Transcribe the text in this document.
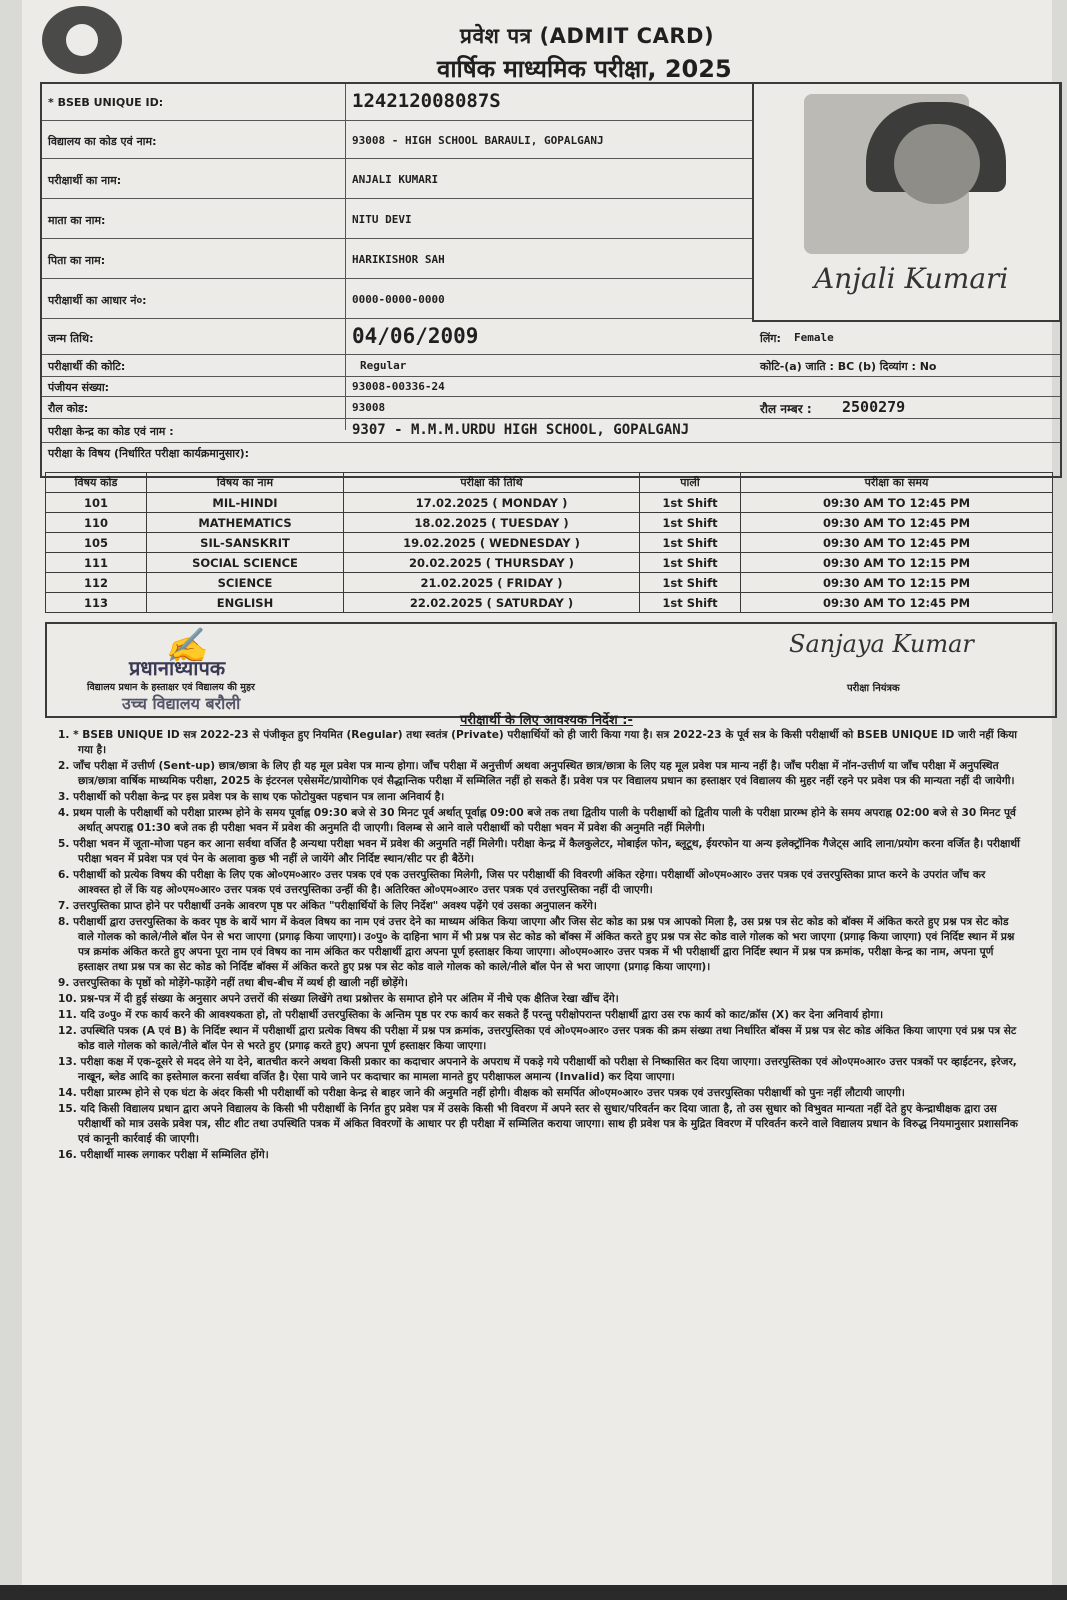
प्रवेश पत्र (ADMIT CARD)
वार्षिक माध्यमिक परीक्षा, 2025
* BSEB UNIQUE ID:	124212008087S
विद्यालय का कोड एवं नाम:	93008 - HIGH SCHOOL BARAULI, GOPALGANJ
परीक्षार्थी का नाम:	ANJALI KUMARI
माता का नाम:	NITU DEVI
पिता का नाम:	HARIKISHOR SAH
परीक्षार्थी का आधार नं०:	0000-0000-0000
जन्म तिथि:	04/06/2009	लिंग: Female
परीक्षार्थी की कोटि:	Regular	कोटि-(a) जाति : BC (b) दिव्यांग : No
पंजीयन संख्या:	93008-00336-24
रौल कोड:	93008	रौल नम्बर : 2500279
परीक्षा केन्द्र का कोड एवं नाम :	9307 - M.M.M.URDU HIGH SCHOOL, GOPALGANJ
परीक्षा के विषय (निर्धारित परीक्षा कार्यक्रमानुसार):
Anjali Kumari
विषय कोड	विषय का नाम	परीक्षा की तिथि	पाली	परीक्षा का समय
101	MIL-HINDI	17.02.2025 ( MONDAY )	1st Shift	09:30 AM TO 12:45 PM
110	MATHEMATICS	18.02.2025 ( TUESDAY )	1st Shift	09:30 AM TO 12:45 PM
105	SIL-SANSKRIT	19.02.2025 ( WEDNESDAY )	1st Shift	09:30 AM TO 12:45 PM
111	SOCIAL SCIENCE	20.02.2025 ( THURSDAY )	1st Shift	09:30 AM TO 12:15 PM
112	SCIENCE	21.02.2025 ( FRIDAY )	1st Shift	09:30 AM TO 12:15 PM
113	ENGLISH	22.02.2025 ( SATURDAY )	1st Shift	09:30 AM TO 12:45 PM
✍
प्रधानाध्यापक
विद्यालय प्रधान के हस्ताक्षर एवं विद्यालय की मुहर
उच्च विद्यालय बरौली
Sanjaya Kumar
परीक्षा नियंत्रक
परीक्षार्थी के लिए आवश्यक निर्देश :-
1. * BSEB UNIQUE ID सत्र 2022-23 से पंजीकृत हुए नियमित (Regular) तथा स्वतंत्र (Private) परीक्षार्थियों को ही जारी किया गया है। सत्र 2022-23 के पूर्व सत्र के किसी परीक्षार्थी को BSEB UNIQUE ID जारी नहीं किया गया है।
2. जाँच परीक्षा में उत्तीर्ण (Sent-up) छात्र/छात्रा के लिए ही यह मूल प्रवेश पत्र मान्य होगा। जाँच परीक्षा में अनुत्तीर्ण अथवा अनुपस्थित छात्र/छात्रा के लिए यह मूल प्रवेश पत्र मान्य नहीं है। जाँच परीक्षा में नॉन-उत्तीर्ण या जाँच परीक्षा में अनुपस्थित छात्र/छात्रा वार्षिक माध्यमिक परीक्षा, 2025 के इंटरनल एसेसमेंट/प्रायोगिक एवं सैद्धान्तिक परीक्षा में सम्मिलित नहीं हो सकते हैं। प्रवेश पत्र पर विद्यालय प्रधान का हस्ताक्षर एवं विद्यालय की मुहर नहीं रहने पर प्रवेश पत्र की मान्यता नहीं दी जायेगी।
3. परीक्षार्थी को परीक्षा केन्द्र पर इस प्रवेश पत्र के साथ एक फोटोयुक्त पहचान पत्र लाना अनिवार्य है।
4. प्रथम पाली के परीक्षार्थी को परीक्षा प्रारम्भ होने के समय पूर्वाह्न 09:30 बजे से 30 मिनट पूर्व अर्थात् पूर्वाह्न 09:00 बजे तक तथा द्वितीय पाली के परीक्षार्थी को द्वितीय पाली के परीक्षा प्रारम्भ होने के समय अपराह्न 02:00 बजे से 30 मिनट पूर्व अर्थात् अपराह्न 01:30 बजे तक ही परीक्षा भवन में प्रवेश की अनुमति दी जाएगी। विलम्ब से आने वाले परीक्षार्थी को परीक्षा भवन में प्रवेश की अनुमति नहीं मिलेगी।
5. परीक्षा भवन में जूता-मोजा पहन कर आना सर्वथा वर्जित है अन्यथा परीक्षा भवन में प्रवेश की अनुमति नहीं मिलेगी। परीक्षा केन्द्र में कैलकुलेटर, मोबाईल फोन, ब्लूटूथ, ईयरफोन या अन्य इलेक्ट्रॉनिक गैजेट्स आदि लाना/प्रयोग करना वर्जित है। परीक्षार्थी परीक्षा भवन में प्रवेश पत्र एवं पेन के अलावा कुछ भी नहीं ले जायेंगे और निर्दिष्ट स्थान/सीट पर ही बैठेंगे।
6. परीक्षार्थी को प्रत्येक विषय की परीक्षा के लिए एक ओ०एम०आर० उत्तर पत्रक एवं एक उत्तरपुस्तिका मिलेगी, जिस पर परीक्षार्थी की विवरणी अंकित रहेगा। परीक्षार्थी ओ०एम०आर० उत्तर पत्रक एवं उत्तरपुस्तिका प्राप्त करने के उपरांत जाँच कर आश्वस्त हो लें कि यह ओ०एम०आर० उत्तर पत्रक एवं उत्तरपुस्तिका उन्हीं की है। अतिरिक्त ओ०एम०आर० उत्तर पत्रक एवं उत्तरपुस्तिका नहीं दी जाएगी।
7. उत्तरपुस्तिका प्राप्त होने पर परीक्षार्थी उनके आवरण पृष्ठ पर अंकित "परीक्षार्थियों के लिए निर्देश" अवश्य पढ़ेंगे एवं उसका अनुपालन करेंगे।
8. परीक्षार्थी द्वारा उत्तरपुस्तिका के कवर पृष्ठ के बायें भाग में केवल विषय का नाम एवं उत्तर देने का माध्यम अंकित किया जाएगा और जिस सेट कोड का प्रश्न पत्र आपको मिला है, उस प्रश्न पत्र सेट कोड को बॉक्स में अंकित करते हुए प्रश्न पत्र सेट कोड वाले गोलक को काले/नीले बॉल पेन से भरा जाएगा (प्रगाढ़ किया जाएगा)। उ०पु० के दाहिना भाग में भी प्रश्न पत्र सेट कोड को बॉक्स में अंकित करते हुए प्रश्न पत्र सेट कोड वाले गोलक को भरा जाएगा (प्रगाढ़ किया जाएगा) एवं निर्दिष्ट स्थान में प्रश्न पत्र क्रमांक अंकित करते हुए अपना पूरा नाम एवं विषय का नाम अंकित कर परीक्षार्थी द्वारा अपना पूर्ण हस्ताक्षर किया जाएगा। ओ०एम०आर० उत्तर पत्रक में भी परीक्षार्थी द्वारा निर्दिष्ट स्थान में प्रश्न पत्र क्रमांक, परीक्षा केन्द्र का नाम, अपना पूर्ण हस्ताक्षर तथा प्रश्न पत्र का सेट कोड को निर्दिष्ट बॉक्स में अंकित करते हुए प्रश्न पत्र सेट कोड वाले गोलक को काले/नीले बॉल पेन से भरा जाएगा (प्रगाढ़ किया जाएगा)।
9. उत्तरपुस्तिका के पृष्ठों को मोड़ेंगे-फाड़ेंगे नहीं तथा बीच-बीच में व्यर्थ ही खाली नहीं छोड़ेंगे।
10. प्रश्न-पत्र में दी हुई संख्या के अनुसार अपने उत्तरों की संख्या लिखेंगे तथा प्रश्नोत्तर के समाप्त होने पर अंतिम में नीचे एक क्षैतिज रेखा खींच देंगे।
11. यदि उ०पु० में रफ कार्य करने की आवश्यकता हो, तो परीक्षार्थी उत्तरपुस्तिका के अन्तिम पृष्ठ पर रफ कार्य कर सकते हैं परन्तु परीक्षोपरान्त परीक्षार्थी द्वारा उस रफ कार्य को काट/क्रॉस (X) कर देना अनिवार्य होगा।
12. उपस्थिति पत्रक (A एवं B) के निर्दिष्ट स्थान में परीक्षार्थी द्वारा प्रत्येक विषय की परीक्षा में प्रश्न पत्र क्रमांक, उत्तरपुस्तिका एवं ओ०एम०आर० उत्तर पत्रक की क्रम संख्या तथा निर्धारित बॉक्स में प्रश्न पत्र सेट कोड अंकित किया जाएगा एवं प्रश्न पत्र सेट कोड वाले गोलक को काले/नीले बॉल पेन से भरते हुए (प्रगाढ़ करते हुए) अपना पूर्ण हस्ताक्षर किया जाएगा।
13. परीक्षा कक्ष में एक-दूसरे से मदद लेने या देने, बातचीत करने अथवा किसी प्रकार का कदाचार अपनाने के अपराध में पकड़े गये परीक्षार्थी को परीक्षा से निष्कासित कर दिया जाएगा। उत्तरपुस्तिका एवं ओ०एम०आर० उत्तर पत्रकों पर व्हाईटनर, इरेजर, नाखून, ब्लेड आदि का इस्तेमाल करना सर्वथा वर्जित है। ऐसा पाये जाने पर कदाचार का मामला मानते हुए परीक्षाफल अमान्य (Invalid) कर दिया जाएगा।
14. परीक्षा प्रारम्भ होने से एक घंटा के अंदर किसी भी परीक्षार्थी को परीक्षा केन्द्र से बाहर जाने की अनुमति नहीं होगी। वीक्षक को समर्पित ओ०एम०आर० उत्तर पत्रक एवं उत्तरपुस्तिका परीक्षार्थी को पुनः नहीं लौटायी जाएगी।
15. यदि किसी विद्यालय प्रधान द्वारा अपने विद्यालय के किसी भी परीक्षार्थी के निर्गत हुए प्रवेश पत्र में उसके किसी भी विवरण में अपने स्तर से सुधार/परिवर्तन कर दिया जाता है, तो उस सुधार को विभुवत मान्यता नहीं देते हुए केन्द्राधीक्षक द्वारा उस परीक्षार्थी को मात्र उसके प्रवेश पत्र, सीट शीट तथा उपस्थिति पत्रक में अंकित विवरणों के आधार पर ही परीक्षा में सम्मिलित कराया जाएगा। साथ ही प्रवेश पत्र के मुद्रित विवरण में परिवर्तन करने वाले विद्यालय प्रधान के विरुद्ध नियमानुसार प्रशासनिक एवं कानूनी कार्रवाई की जाएगी।
16. परीक्षार्थी मास्क लगाकर परीक्षा में सम्मिलित होंगे।
